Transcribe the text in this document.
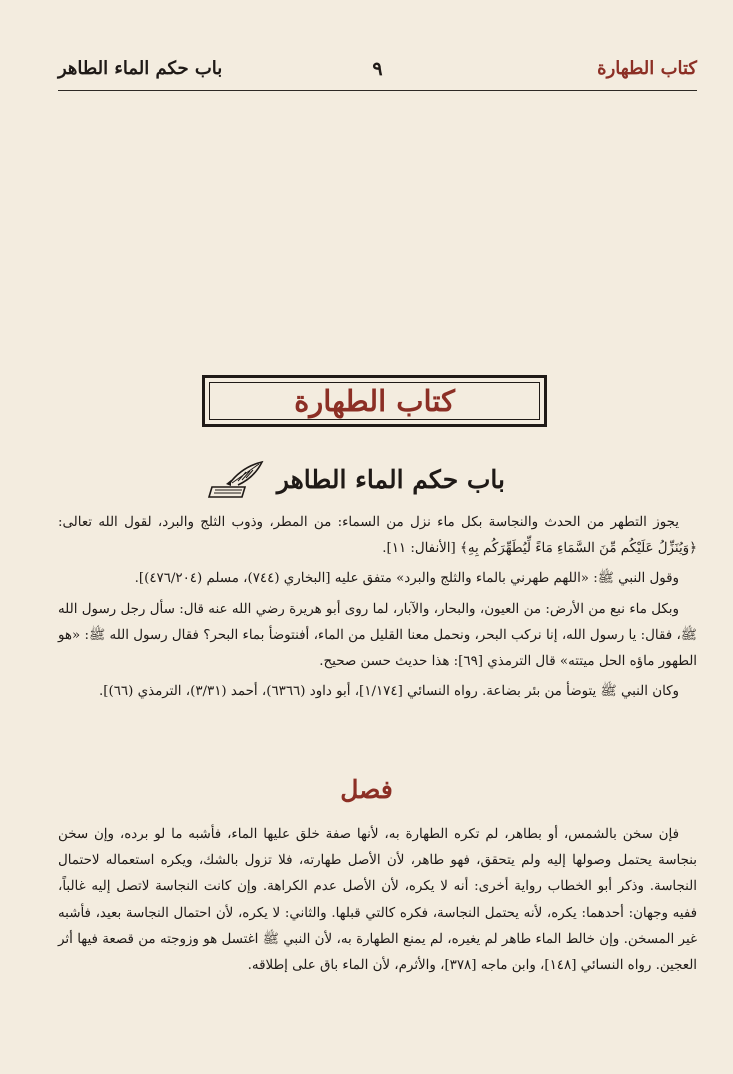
كتاب الطهارة
٩
باب حكم الماء الطاهر
كتاب الطهارة
باب حكم الماء الطاهر

يجوز التطهر من الحدث والنجاسة بكل ماء نزل من السماء: من المطر، وذوب الثلج والبرد، لقول الله تعالى: ﴿وَيُنَزِّلُ عَلَيْكُم مِّنَ السَّمَاءِ مَاءً لِّيُطَهِّرَكُم بِهِ﴾ [الأنفال: ١١].

وقول النبي ﷺ: «اللهم طهرني بالماء والثلج والبرد» متفق عليه [البخاري (٧٤٤)، مسلم (٤٧٦/٢٠٤)].

وبكل ماء نبع من الأرض: من العيون، والبحار، والآبار، لما روى أبو هريرة رضي الله عنه قال: سأل رجل رسول الله ﷺ، فقال: يا رسول الله، إنا نركب البحر، ونحمل معنا القليل من الماء، أفنتوضأ بماء البحر؟ فقال رسول الله ﷺ: «هو الطهور ماؤه الحل ميتته» قال الترمذي [٦٩]: هذا حديث حسن صحيح.

وكان النبي ﷺ يتوضأ من بئر بضاعة. رواه النسائي [١/١٧٤]، أبو داود (٦٣٦٦)، أحمد (٣/٣١)، الترمذي (٦٦)].

فصل

فإن سخن بالشمس، أو بطاهر، لم تكره الطهارة به، لأنها صفة خلق عليها الماء، فأشبه ما لو برده، وإن سخن بنجاسة يحتمل وصولها إليه ولم يتحقق، فهو طاهر، لأن الأصل طهارته، فلا تزول بالشك، ويكره استعماله لاحتمال النجاسة. وذكر أبو الخطاب رواية أخرى: أنه لا يكره، لأن الأصل عدم الكراهة. وإن كانت النجاسة لاتصل إليه غالباً، ففيه وجهان: أحدهما: يكره، لأنه يحتمل النجاسة، فكره كالتي قبلها. والثاني: لا يكره، لأن احتمال النجاسة بعيد، فأشبه غير المسخن. وإن خالط الماء طاهر لم يغيره، لم يمنع الطهارة به، لأن النبي ﷺ اغتسل هو وزوجته من قصعة فيها أثر العجين. رواه النسائي [١٤٨]، وابن ماجه [٣٧٨]، والأثرم، لأن الماء باق على إطلاقه.
